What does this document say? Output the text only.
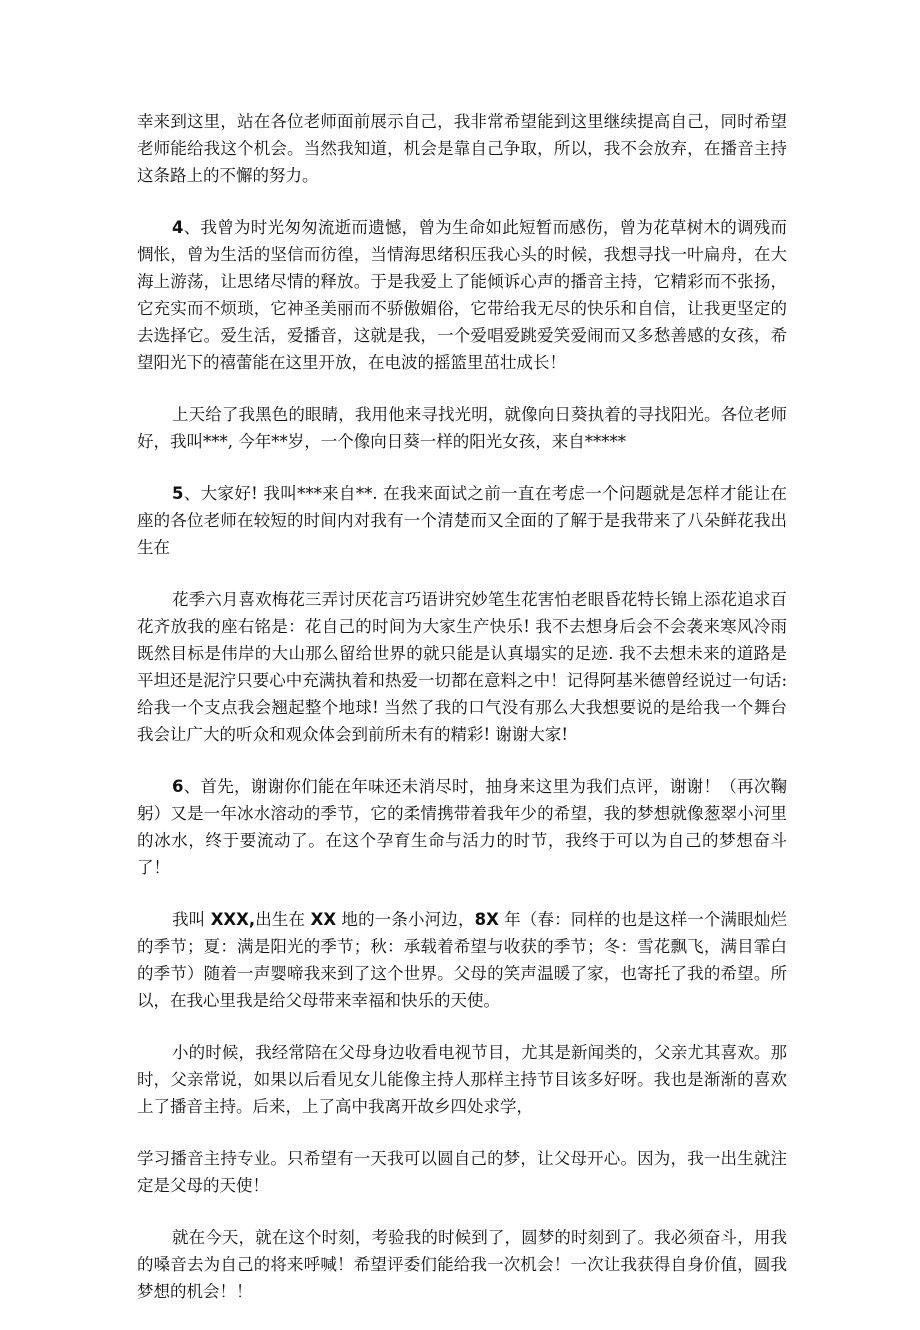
幸来到这里，站在各位老师面前展示自己，我非常希望能到这里继续提高自己，同时希望老师能给我这个机会。当然我知道，机会是靠自己争取，所以，我不会放弃，在播音主持这条路上的不懈的努力。

4、我曾为时光匆匆流逝而遗憾，曾为生命如此短暂而感伤，曾为花草树木的调残而惆怅，曾为生活的坚信而彷徨，当情海思绪积压我心头的时候，我想寻找一叶扁舟，在大海上游荡，让思绪尽情的释放。于是我爱上了能倾诉心声的播音主持，它精彩而不张扬，它充实而不烦琐，它神圣美丽而不骄傲媚俗，它带给我无尽的快乐和自信，让我更坚定的去选择它。爱生活，爱播音，这就是我，一个爱唱爱跳爱笑爱闹而又多愁善感的女孩，希望阳光下的禧蕾能在这里开放，在电波的摇篮里茁壮成长！

上天给了我黑色的眼睛，我用他来寻找光明，就像向日葵执着的寻找阳光。各位老师好，我叫***, 今年**岁，一个像向日葵一样的阳光女孩，来自*****

5、大家好! 我叫***来自**. 在我来面试之前一直在考虑一个问题就是怎样才能让在座的各位老师在较短的时间内对我有一个清楚而又全面的了解于是我带来了八朵鲜花我出生在

花季六月喜欢梅花三弄讨厌花言巧语讲究妙笔生花害怕老眼昏花特长锦上添花追求百花齐放我的座右铭是：花自己的时间为大家生产快乐! 我不去想身后会不会袭来寒风冷雨既然目标是伟岸的大山那么留给世界的就只能是认真塌实的足迹. 我不去想未来的道路是平坦还是泥泞只要心中充满执着和热爱一切都在意料之中！记得阿基米德曾经说过一句话: 给我一个支点我会翘起整个地球! 当然了我的口气没有那么大我想要说的是给我一个舞台我会让广大的听众和观众体会到前所未有的精彩! 谢谢大家!

6、首先，谢谢你们能在年味还未消尽时，抽身来这里为我们点评，谢谢！（再次鞠躬）又是一年冰水溶动的季节，它的柔情携带着我年少的希望，我的梦想就像葱翠小河里的冰水，终于要流动了。在这个孕育生命与活力的时节，我终于可以为自己的梦想奋斗了！

我叫 XXX,出生在 XX 地的一条小河边，8X 年（春：同样的也是这样一个满眼灿烂的季节；夏：满是阳光的季节；秋：承载着希望与收获的季节；冬：雪花飘飞，满目霏白的季节）随着一声婴啼我来到了这个世界。父母的笑声温暖了家，也寄托了我的希望。所以，在我心里我是给父母带来幸福和快乐的天使。

小的时候，我经常陪在父母身边收看电视节目，尤其是新闻类的，父亲尤其喜欢。那时，父亲常说，如果以后看见女儿能像主持人那样主持节目该多好呀。我也是渐渐的喜欢上了播音主持。后来，上了高中我离开故乡四处求学，

学习播音主持专业。只希望有一天我可以圆自己的梦，让父母开心。因为，我一出生就注定是父母的天使！

就在今天，就在这个时刻，考验我的时候到了，圆梦的时刻到了。我必须奋斗，用我的嗓音去为自己的将来呼喊！希望评委们能给我一次机会！一次让我获得自身价值，圆我梦想的机会！！
